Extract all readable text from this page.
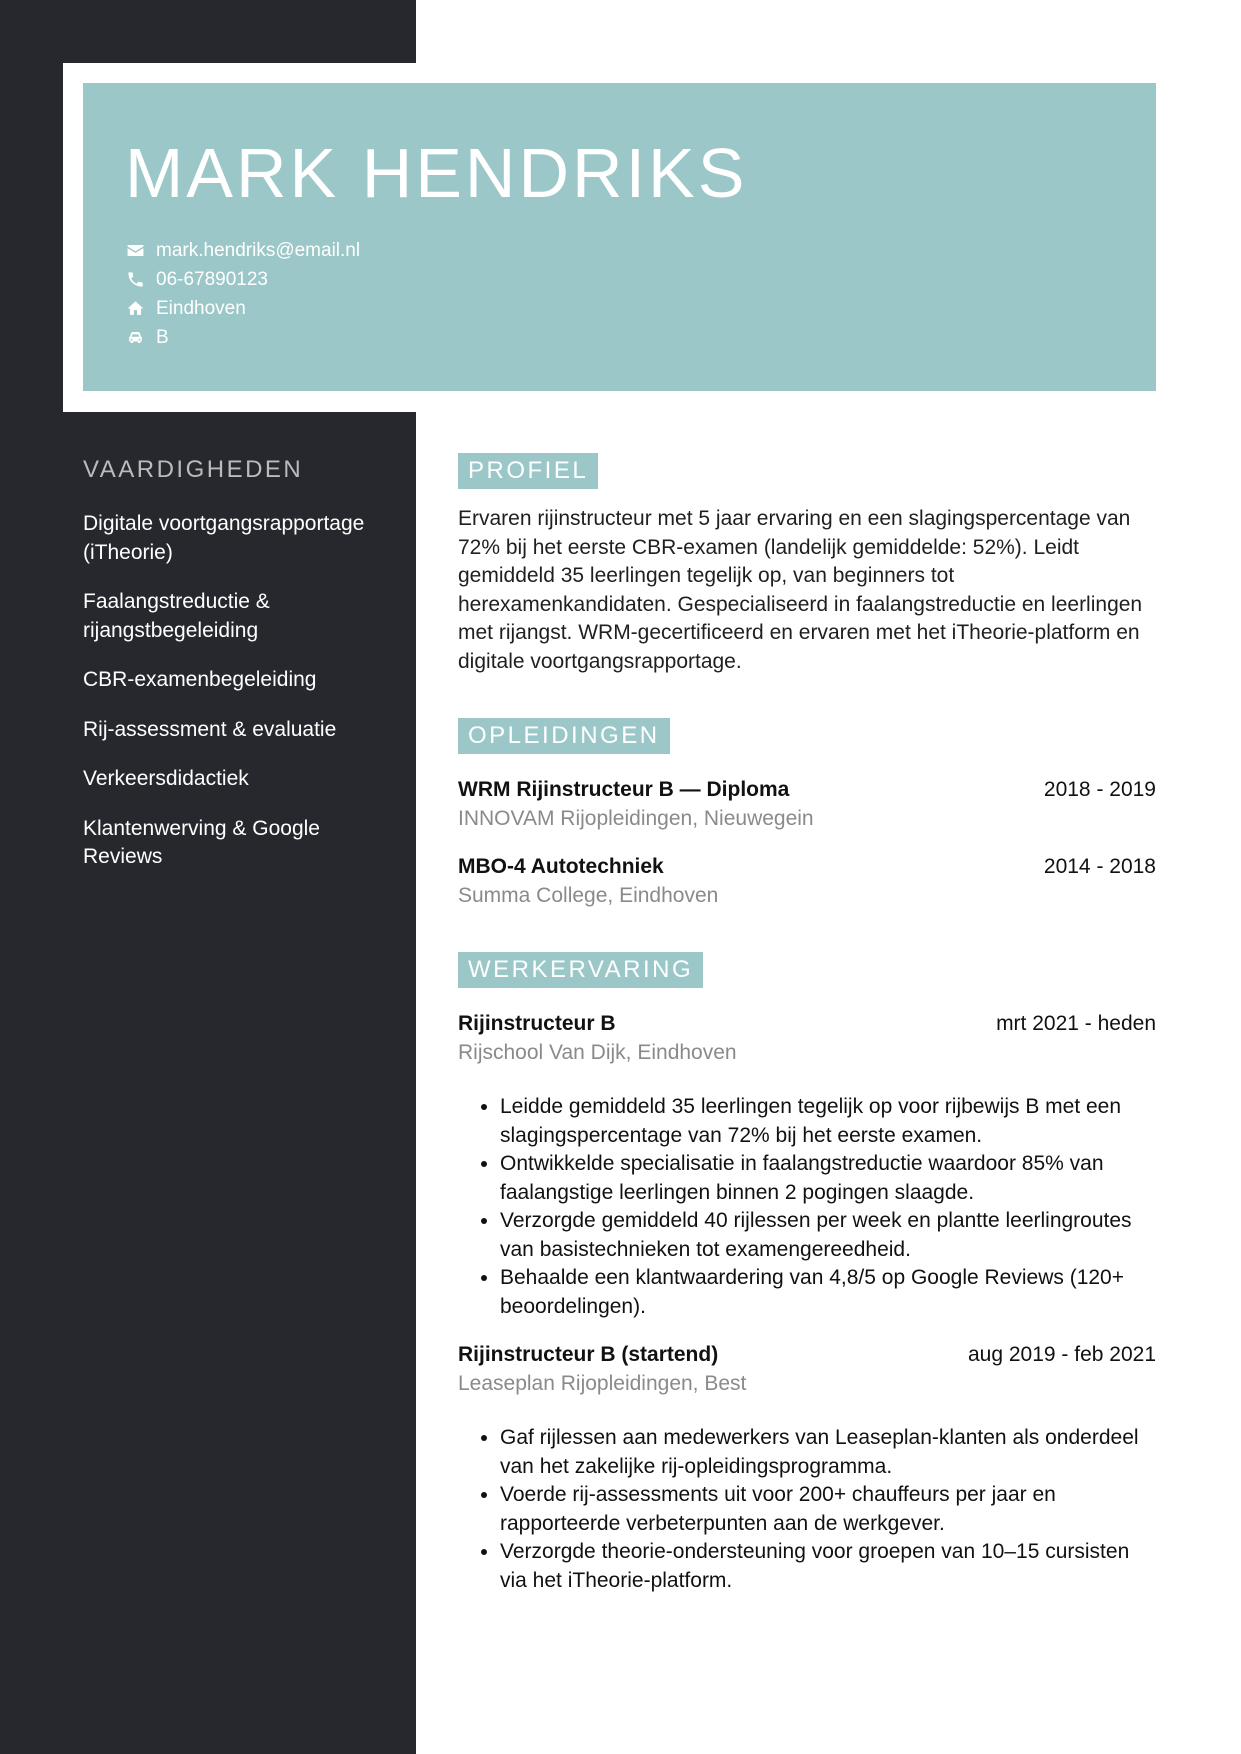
MARK HENDRIKS
mark.hendriks@email.nl
06-67890123
Eindhoven
B
VAARDIGHEDEN
Digitale voortgangsrapportage (iTheorie)
Faalangstreductie & rijangstbegeleiding
CBR-examenbegeleiding
Rij-assessment & evaluatie
Verkeersdidactiek
Klantenwerving & Google Reviews
PROFIEL

Ervaren rijinstructeur met 5 jaar ervaring en een slagingspercentage van 72% bij het eerste CBR-examen (landelijk gemiddelde: 52%). Leidt gemiddeld 35 leerlingen tegelijk op, van beginners tot herexamenkandidaten. Gespecialiseerd in faalangstreductie en leerlingen met rijangst. WRM-gecertificeerd en ervaren met het iTheorie-platform en digitale voortgangsrapportage.

OPLEIDINGEN
WRM Rijinstructeur B — Diploma	2018 - 2019
INNOVAM Rijopleidingen, Nieuwegein
MBO-4 Autotechniek	2014 - 2018
Summa College, Eindhoven
WERKERVARING
Rijinstructeur B	mrt 2021 - heden
Rijschool Van Dijk, Eindhoven
• Leidde gemiddeld 35 leerlingen tegelijk op voor rijbewijs B met een slagingspercentage van 72% bij het eerste examen.
• Ontwikkelde specialisatie in faalangstreductie waardoor 85% van faalangstige leerlingen binnen 2 pogingen slaagde.
• Verzorgde gemiddeld 40 rijlessen per week en plantte leerlingroutes van basistechnieken tot examengereedheid.
• Behaalde een klantwaardering van 4,8/5 op Google Reviews (120+ beoordelingen).
Rijinstructeur B (startend)	aug 2019 - feb 2021
Leaseplan Rijopleidingen, Best
• Gaf rijlessen aan medewerkers van Leaseplan-klanten als onderdeel van het zakelijke rij-opleidingsprogramma.
• Voerde rij-assessments uit voor 200+ chauffeurs per jaar en rapporteerde verbeterpunten aan de werkgever.
• Verzorgde theorie-ondersteuning voor groepen van 10–15 cursisten via het iTheorie-platform.
